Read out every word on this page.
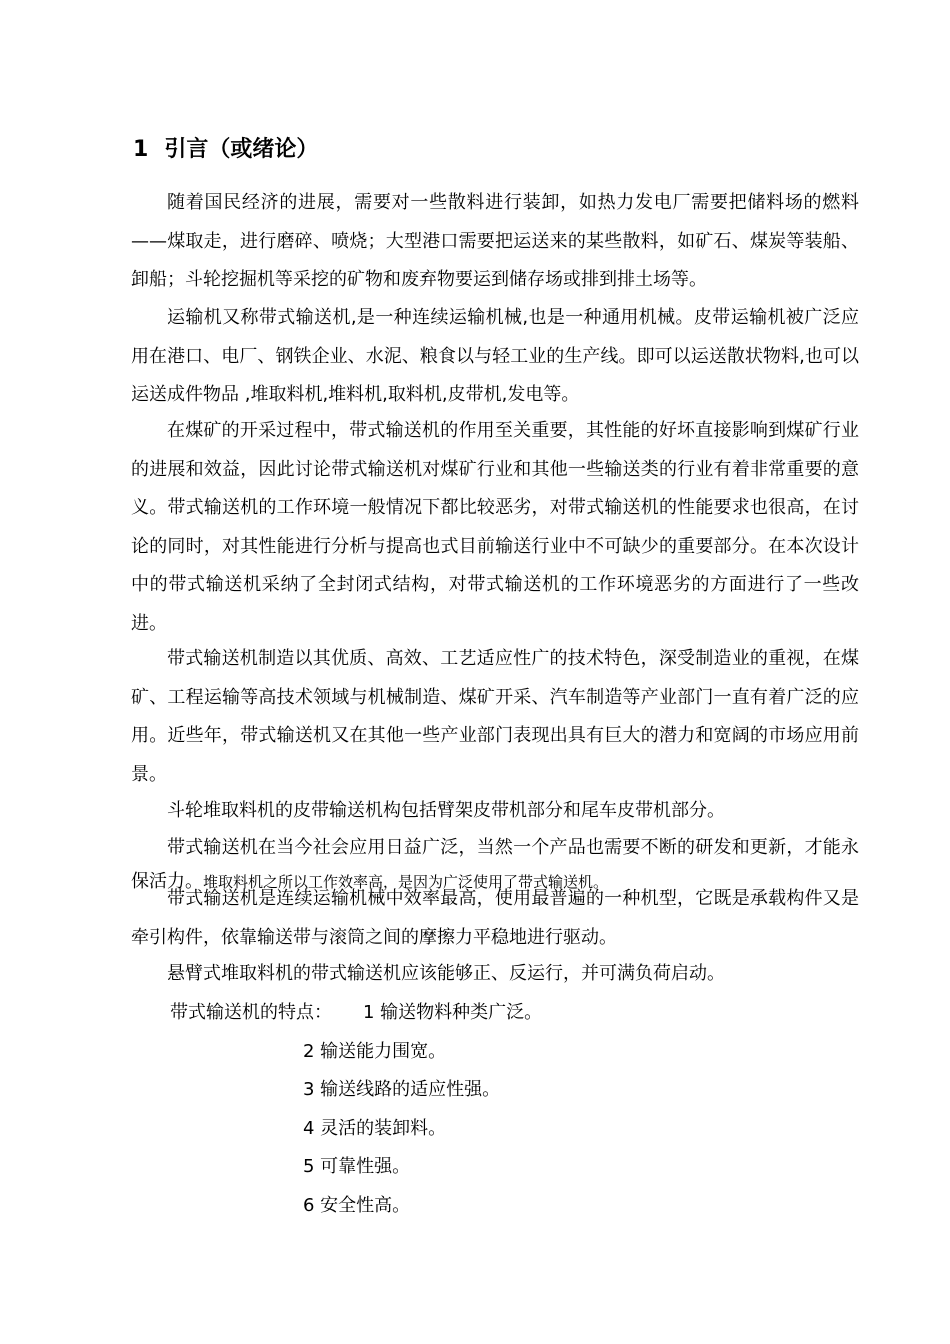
1 引言（或绪论）

随着国民经济的进展，需要对一些散料进行装卸，如热力发电厂需要把储料场的燃料——煤取走，进行磨碎、喷烧；大型港口需要把运送来的某些散料，如矿石、煤炭等装船、卸船；斗轮挖掘机等采挖的矿物和废弃物要运到储存场或排到排土场等。

运输机又称带式输送机,是一种连续运输机械,也是一种通用机械。皮带运输机被广泛应用在港口、电厂、钢铁企业、水泥、粮食以与轻工业的生产线。即可以运送散状物料,也可以运送成件物品 ,堆取料机,堆料机,取料机,皮带机,发电等。

在煤矿的开采过程中，带式输送机的作用至关重要，其性能的好坏直接影响到煤矿行业的进展和效益，因此讨论带式输送机对煤矿行业和其他一些输送类的行业有着非常重要的意义。带式输送机的工作环境一般情况下都比较恶劣，对带式输送机的性能要求也很高，在讨论的同时，对其性能进行分析与提高也式目前输送行业中不可缺少的重要部分。在本次设计中的带式输送机采纳了全封闭式结构，对带式输送机的工作环境恶劣的方面进行了一些改进。

带式输送机制造以其优质、高效、工艺适应性广的技术特色，深受制造业的重视，在煤矿、工程运输等高技术领域与机械制造、煤矿开采、汽车制造等产业部门一直有着广泛的应用。近些年，带式输送机又在其他一些产业部门表现出具有巨大的潜力和宽阔的市场应用前景。

斗轮堆取料机的皮带输送机构包括臂架皮带机部分和尾车皮带机部分。

带式输送机在当今社会应用日益广泛，当然一个产品也需要不断的研发和更新，才能永保活力。堆取料机之所以工作效率高，是因为广泛使用了带式输送机。

带式输送机是连续运输机械中效率最高，使用最普遍的一种机型，它既是承载构件又是牵引构件，依靠输送带与滚筒之间的摩擦力平稳地进行驱动。

悬臂式堆取料机的带式输送机应该能够正、反运行，并可满负荷启动。

带式输送机的特点： 1 输送物料种类广泛。
2 输送能力围宽。
3 输送线路的适应性强。
4 灵活的装卸料。
5 可靠性强。
6 安全性高。
